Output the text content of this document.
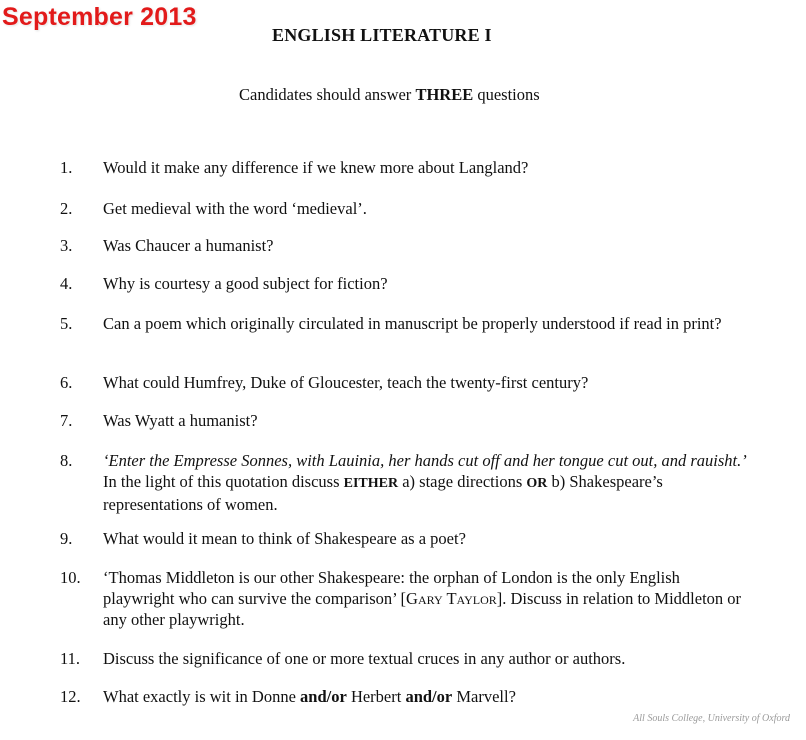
September 2013
ENGLISH LITERATURE I
Candidates should answer THREE questions
1.	Would it make any difference if we knew more about Langland?
2.	Get medieval with the word ‘medieval’.
3.	Was Chaucer a humanist?
4.	Why is courtesy a good subject for fiction?
5.	Can a poem which originally circulated in manuscript be properly understood if read in print?
6.	What could Humfrey, Duke of Gloucester, teach the twenty-first century?
7.	Was Wyatt a humanist?
8.	‘Enter the Empresse Sonnes, with Lauinia, her hands cut off and her tongue cut out, and rauisht.’ In the light of this quotation discuss EITHER a) stage directions OR b) Shakespeare’s representations of women.
9.	What would it mean to think of Shakespeare as a poet?
10.	‘Thomas Middleton is our other Shakespeare: the orphan of London is the only English playwright who can survive the comparison’ [Gary Taylor]. Discuss in relation to Middleton or any other playwright.
11.	Discuss the significance of one or more textual cruces in any author or authors.
12.	What exactly is wit in Donne and/or Herbert and/or Marvell?
All Souls College, University of Oxford
